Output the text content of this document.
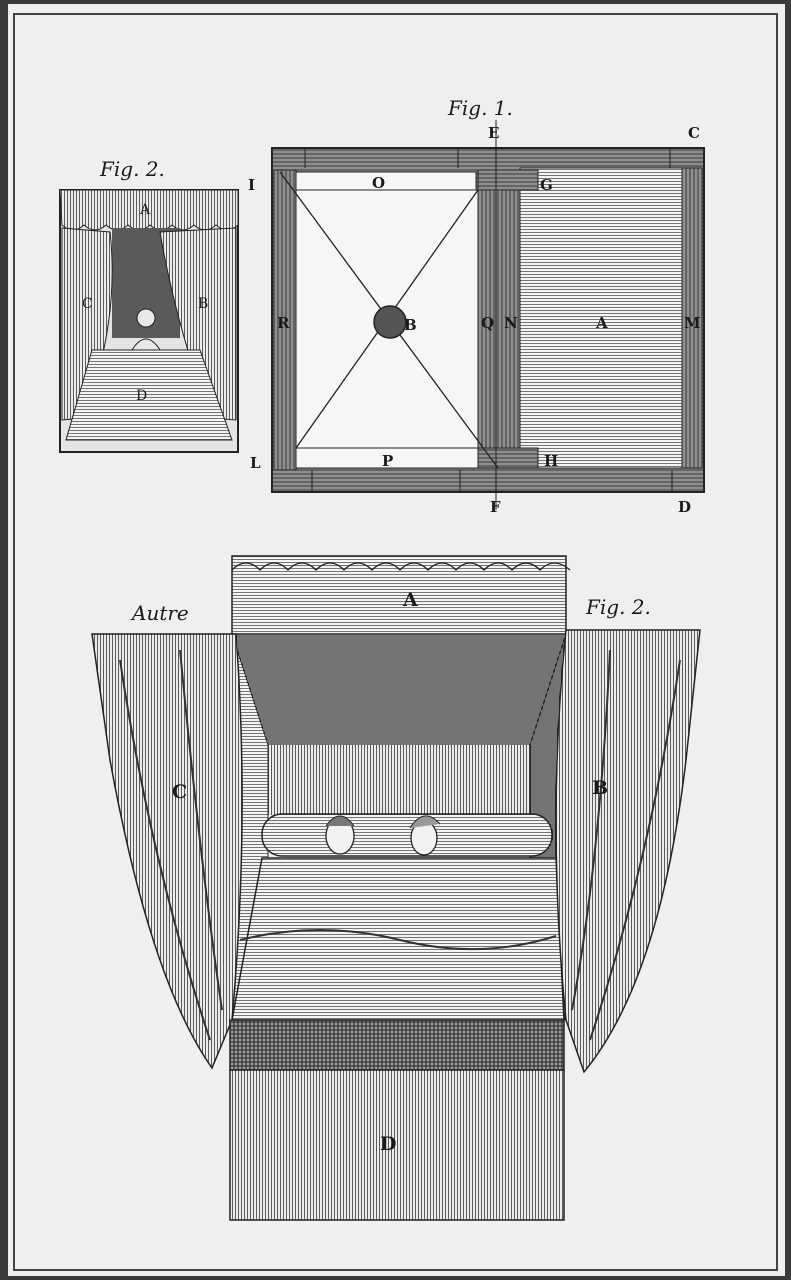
Fig. 1.
E	C
I	O	G
R	B	Q N	A	M
L	P	H
F	D
Fig. 2.
A
C	B
D
Autre	Fig. 2.
A
C	B
D
